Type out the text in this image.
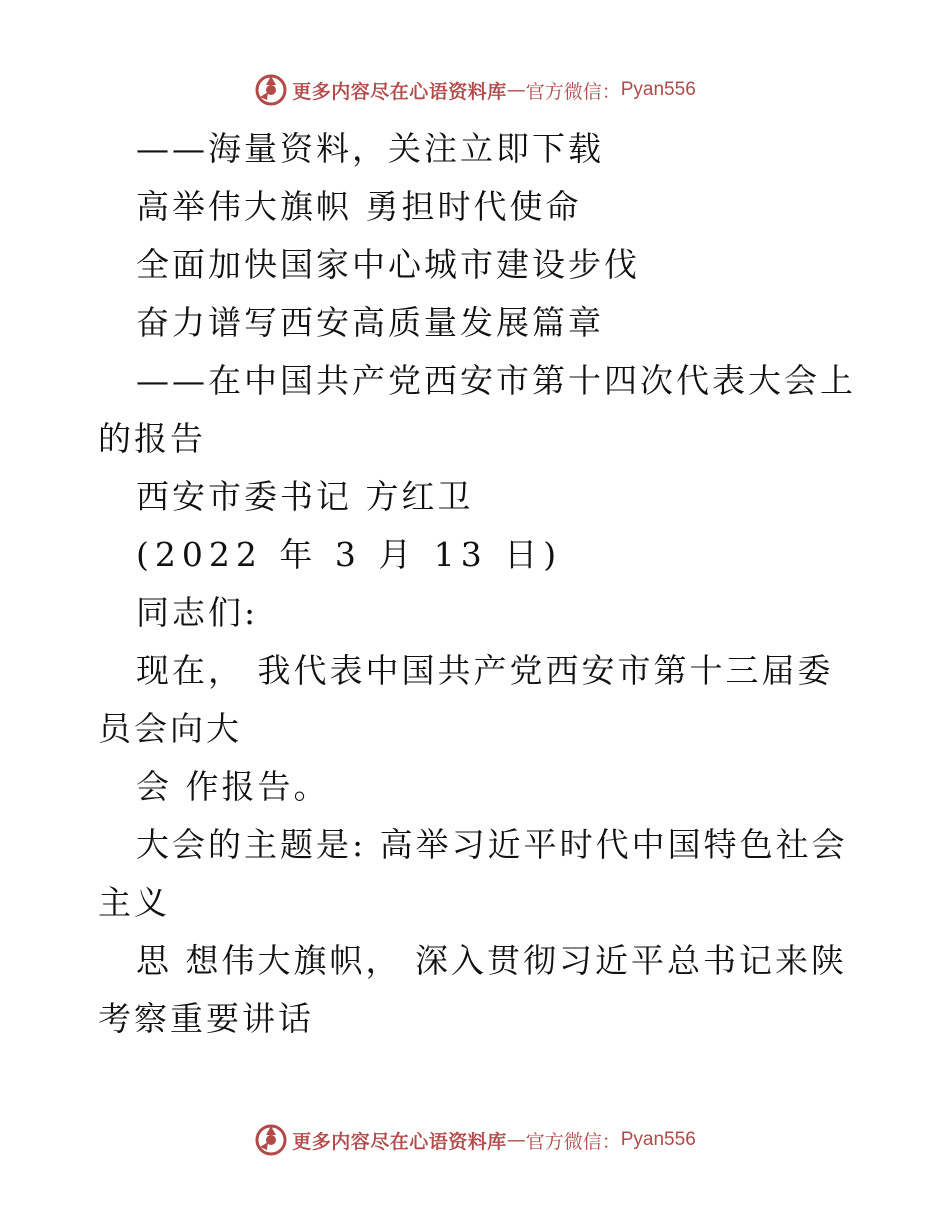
更多内容尽在心语资料库 — 官方微信： Pyan556
——海量资料，关注立即下载
高举伟大旗帜 勇担时代使命
全面加快国家中心城市建设步伐
奋力谱写西安高质量发展篇章
——在中国共产党西安市第十四次代表大会上的报告
西安市委书记 方红卫
(2022 年 3 月 13 日)
同志们:
现在， 我代表中国共产党西安市第十三届委员会向大
会 作报告。
大会的主题是: 高举习近平时代中国特色社会主义
思 想伟大旗帜， 深入贯彻习近平总书记来陕考察重要讲话
更多内容尽在心语资料库 — 官方微信： Pyan556
